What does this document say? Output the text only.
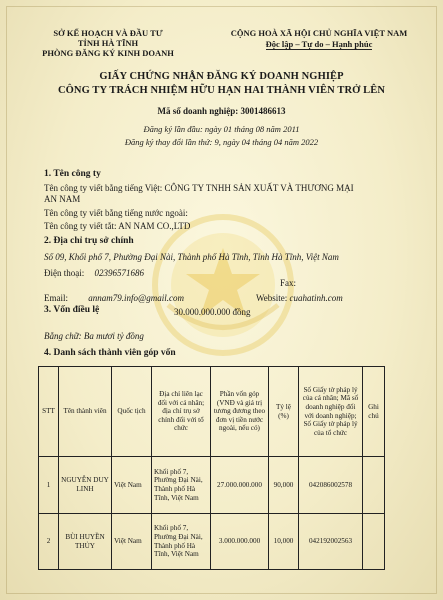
SỞ KẾ HOẠCH VÀ ĐẦU TƯ
TỈNH HÀ TĨNH
PHÒNG ĐĂNG KÝ KINH DOANH
CỘNG HOÀ XÃ HỘI CHỦ NGHĨA VIỆT NAM
Độc lập – Tự do – Hạnh phúc
GIẤY CHỨNG NHẬN ĐĂNG KÝ DOANH NGHIỆP
CÔNG TY TRÁCH NHIỆM HỮU HẠN HAI THÀNH VIÊN TRỞ LÊN
Mã số doanh nghiệp: 3001486613
Đăng ký lần đầu: ngày 01 tháng 08 năm 2011
Đăng ký thay đổi lần thứ: 9, ngày 04 tháng 04 năm 2022
1. Tên công ty
Tên công ty viết bằng tiếng Việt: CÔNG TY TNHH SẢN XUẤT VÀ THƯƠNG MẠI
AN NAM
Tên công ty viết bằng tiếng nước ngoài:
Tên công ty viết tắt: AN NAM CO.,LTD
2. Địa chỉ trụ sở chính
Số 09, Khối phố 7, Phường Đại Nài, Thành phố Hà Tĩnh, Tỉnh Hà Tĩnh, Việt Nam
Điện thoại: 02396571686
Fax:
Email: annam79.info@gmail.com	Website: cuahatinh.com
3. Vốn điều lệ	30.000.000.000 đồng
Bằng chữ: Ba mươi tỷ đồng
4. Danh sách thành viên góp vốn
STT	Tên thành viên	Quốc tịch	Địa chỉ liên lạc đối với cá nhân; địa chỉ trụ sở chính đối với tổ chức	Phần vốn góp (VNĐ và giá trị tương đương theo đơn vị tiền nước ngoài, nếu có)	Tỷ lệ (%)	Số Giấy tờ pháp lý của cá nhân; Mã số doanh nghiệp đối với doanh nghiệp; Số Giấy tờ pháp lý của tổ chức	Ghi chú
1	NGUYỄN DUY LINH	Việt Nam	Khối phố 7, Phường Đại Nài, Thành phố Hà Tĩnh, Việt Nam	27.000.000.000	90,000	042086002578	
2	BÙI HUYỀN THỦY	Việt Nam	Khối phố 7, Phường Đại Nài, Thành phố Hà Tĩnh, Việt Nam	3.000.000.000	10,000	042192002563	
